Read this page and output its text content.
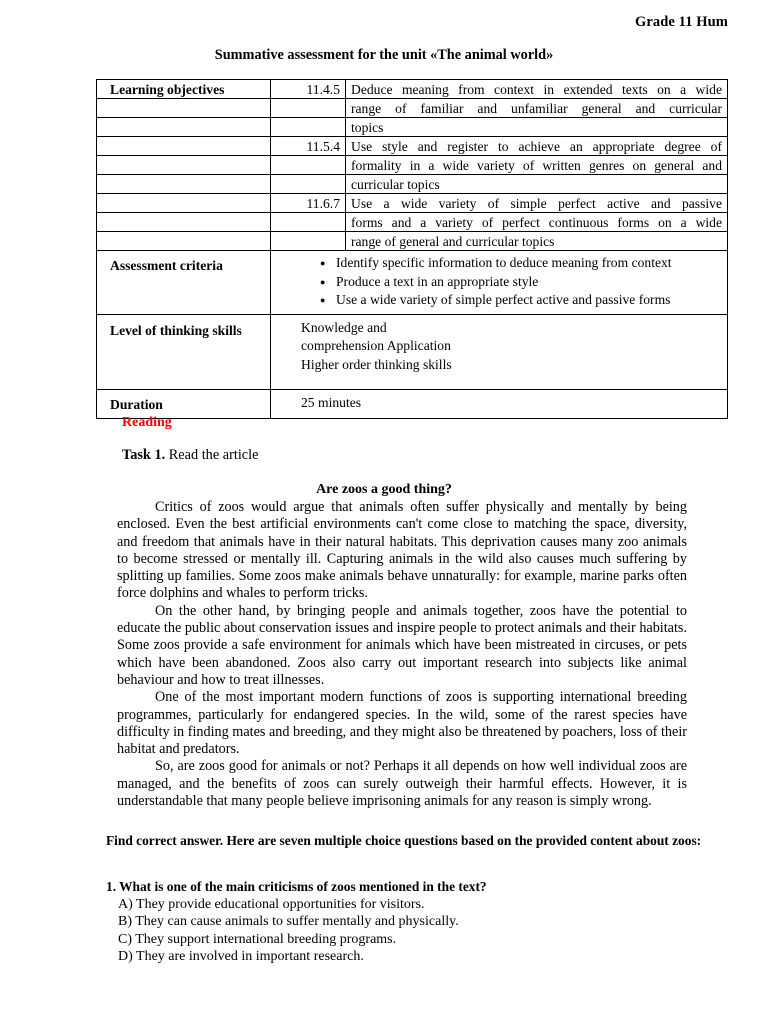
Grade 11 Hum
Summative assessment for the unit «The animal world»
Learning objectives	11.4.5	Deduce meaning from context in extended texts on a wide
		range of familiar and unfamiliar general and curricular
		topics
	11.5.4	Use style and register to achieve an appropriate degree of
		formality in a wide variety of written genres on general and
		curricular topics
	11.6.7	Use a wide variety of simple perfect active and passive
		forms and a variety of perfect continuous forms on a wide
		range of general and curricular topics
Assessment criteria	
●Identify specific information to deduce meaning from context
● Produce a text in an appropriate style
● Use a wide variety of simple perfect active and passive forms

Level of thinking skills	Knowledge and
comprehension Application
Higher order thinking skills	

Duration	25 minutes	
Reading
Task 1. Read the article
Are zoos a good thing?

Critics of zoos would argue that animals often suffer physically and mentally by being enclosed. Even the best artificial environments can't come close to matching the space, diversity, and freedom that animals have in their natural habitats. This deprivation causes many zoo animals to become stressed or mentally ill. Capturing animals in the wild also causes much suffering by splitting up families. Some zoos make animals behave unnaturally: for example, marine parks often force dolphins and whales to perform tricks.

On the other hand, by bringing people and animals together, zoos have the potential to educate the public about conservation issues and inspire people to protect animals and their habitats. Some zoos provide a safe environment for animals which have been mistreated in circuses, or pets which have been abandoned. Zoos also carry out important research into subjects like animal behaviour and how to treat illnesses.

One of the most important modern functions of zoos is supporting international breeding programmes, particularly for endangered species. In the wild, some of the rarest species have difficulty in finding mates and breeding, and they might also be threatened by poachers, loss of their habitat and predators.

So, are zoos good for animals or not? Perhaps it all depends on how well individual zoos are managed, and the benefits of zoos can surely outweigh their harmful effects. However, it is understandable that many people believe imprisoning animals for any reason is simply wrong.

Find correct answer. Here are seven multiple choice questions based on the provided content about zoos:
1. What is one of the main criticisms of zoos mentioned in the text?
A) They provide educational opportunities for visitors.
B) They can cause animals to suffer mentally and physically.
C) They support international breeding programs.
D) They are involved in important research.
